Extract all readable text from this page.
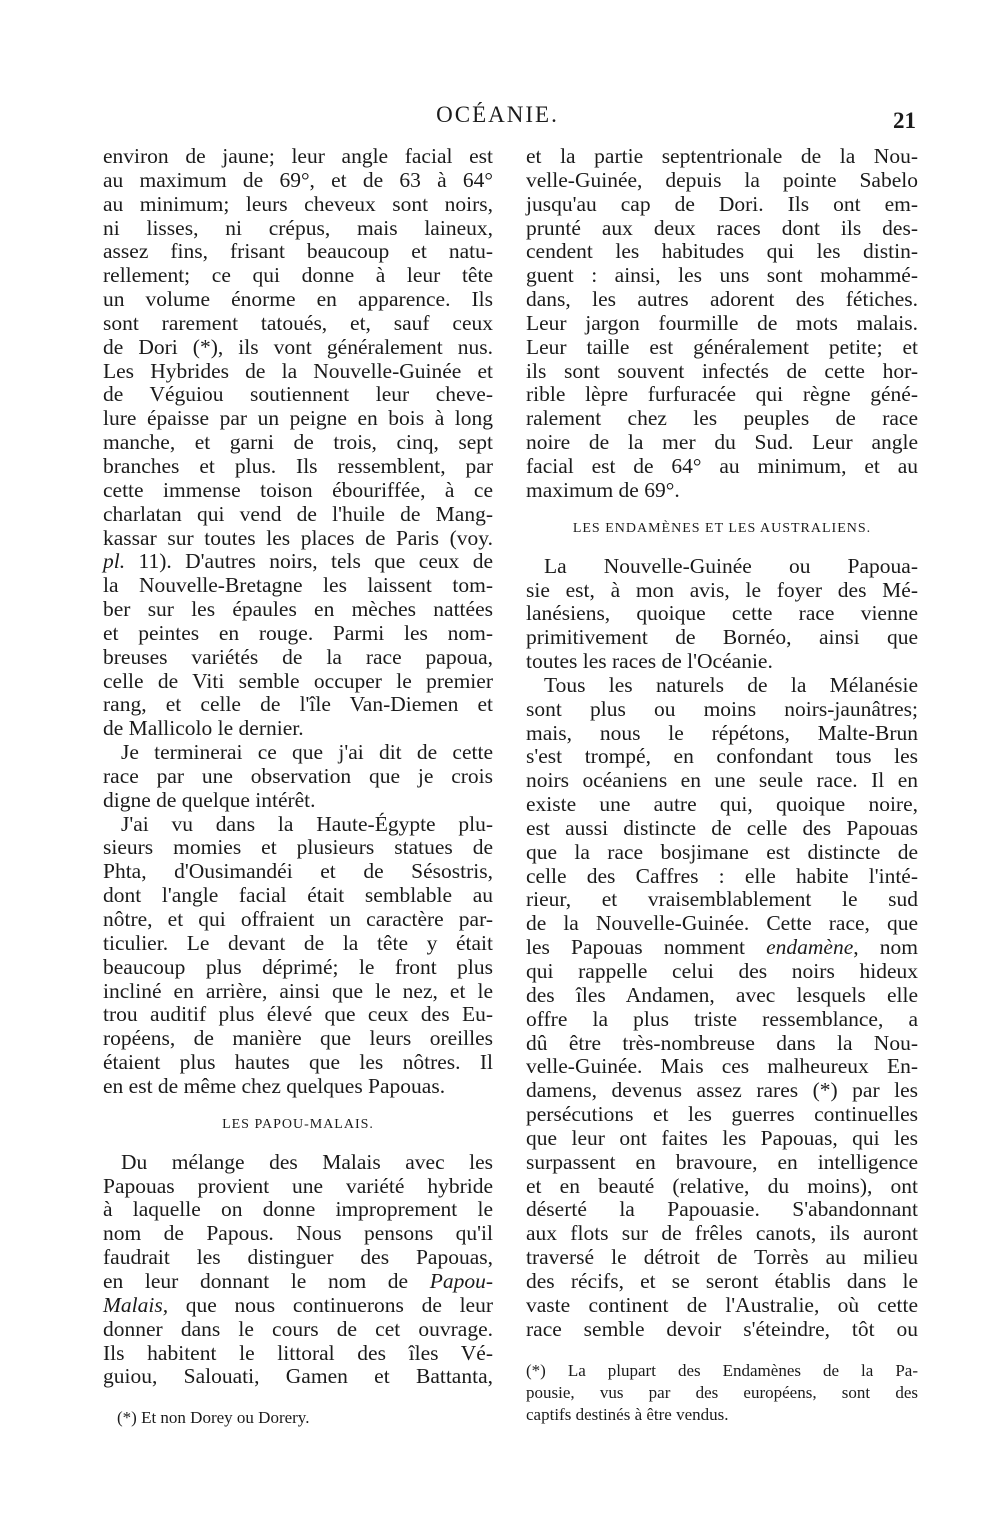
OCÉANIE.	21
environ de jaune; leur angle facial est
au maximum de 69°, et de 63 à 64°
au minimum; leurs cheveux sont noirs,
ni lisses, ni crépus, mais laineux,
assez fins, frisant beaucoup et natu-
rellement; ce qui donne à leur tête
un volume énorme en apparence. Ils
sont rarement tatoués, et, sauf ceux
de Dori (*), ils vont généralement nus.
Les Hybrides de la Nouvelle-Guinée et
de Véguiou soutiennent leur cheve-
lure épaisse par un peigne en bois à long
manche, et garni de trois, cinq, sept
branches et plus. Ils ressemblent, par
cette immense toison ébouriffée, à ce
charlatan qui vend de l'huile de Mang-
kassar sur toutes les places de Paris (voy.
pl. 11). D'autres noirs, tels que ceux de
la Nouvelle-Bretagne les laissent tom-
ber sur les épaules en mèches nattées
et peintes en rouge. Parmi les nom-
breuses variétés de la race papoua,
celle de Viti semble occuper le premier
rang, et celle de l'île Van-Diemen et
de Mallicolo le dernier.
Je terminerai ce que j'ai dit de cette
race par une observation que je crois
digne de quelque intérêt.
J'ai vu dans la Haute-Égypte plu-
sieurs momies et plusieurs statues de
Phta, d'Ousimandéi et de Sésostris,
dont l'angle facial était semblable au
nôtre, et qui offraient un caractère par-
ticulier. Le devant de la tête y était
beaucoup plus déprimé; le front plus
incliné en arrière, ainsi que le nez, et le
trou auditif plus élevé que ceux des Eu-
ropéens, de manière que leurs oreilles
étaient plus hautes que les nôtres. Il
en est de même chez quelques Papouas.
LES PAPOU-MALAIS.
Du mélange des Malais avec les
Papouas provient une variété hybride
à laquelle on donne improprement le
nom de Papous. Nous pensons qu'il
faudrait les distinguer des Papouas,
en leur donnant le nom de Papou-
Malais, que nous continuerons de leur
donner dans le cours de cet ouvrage.
Ils habitent le littoral des îles Vé-
guiou, Salouati, Gamen et Battanta,
(*) Et non Dorey ou Dorery.
et la partie septentrionale de la Nou-
velle-Guinée, depuis la pointe Sabelo
jusqu'au cap de Dori. Ils ont em-
prunté aux deux races dont ils des-
cendent les habitudes qui les distin-
guent : ainsi, les uns sont mohammé-
dans, les autres adorent des fétiches.
Leur jargon fourmille de mots malais.
Leur taille est généralement petite; et
ils sont souvent infectés de cette hor-
rible lèpre furfuracée qui règne géné-
ralement chez les peuples de race
noire de la mer du Sud. Leur angle
facial est de 64° au minimum, et au
maximum de 69°.
LES ENDAMÈNES ET LES AUSTRALIENS.
La Nouvelle-Guinée ou Papoua-
sie est, à mon avis, le foyer des Mé-
lanésiens, quoique cette race vienne
primitivement de Bornéo, ainsi que
toutes les races de l'Océanie.
Tous les naturels de la Mélanésie
sont plus ou moins noirs-jaunâtres;
mais, nous le répétons, Malte-Brun
s'est trompé, en confondant tous les
noirs océaniens en une seule race. Il en
existe une autre qui, quoique noire,
est aussi distincte de celle des Papouas
que la race bosjimane est distincte de
celle des Caffres : elle habite l'inté-
rieur, et vraisemblablement le sud
de la Nouvelle-Guinée. Cette race, que
les Papouas nomment endamène, nom
qui rappelle celui des noirs hideux
des îles Andamen, avec lesquels elle
offre la plus triste ressemblance, a
dû être très-nombreuse dans la Nou-
velle-Guinée. Mais ces malheureux En-
damens, devenus assez rares (*) par les
persécutions et les guerres continuelles
que leur ont faites les Papouas, qui les
surpassent en bravoure, en intelligence
et en beauté (relative, du moins), ont
déserté la Papouasie. S'abandonnant
aux flots sur de frêles canots, ils auront
traversé le détroit de Torrès au milieu
des récifs, et se seront établis dans le
vaste continent de l'Australie, où cette
race semble devoir s'éteindre, tôt ou
(*) La plupart des Endamènes de la Pa-
pousie, vus par des européens, sont des
captifs destinés à être vendus.
